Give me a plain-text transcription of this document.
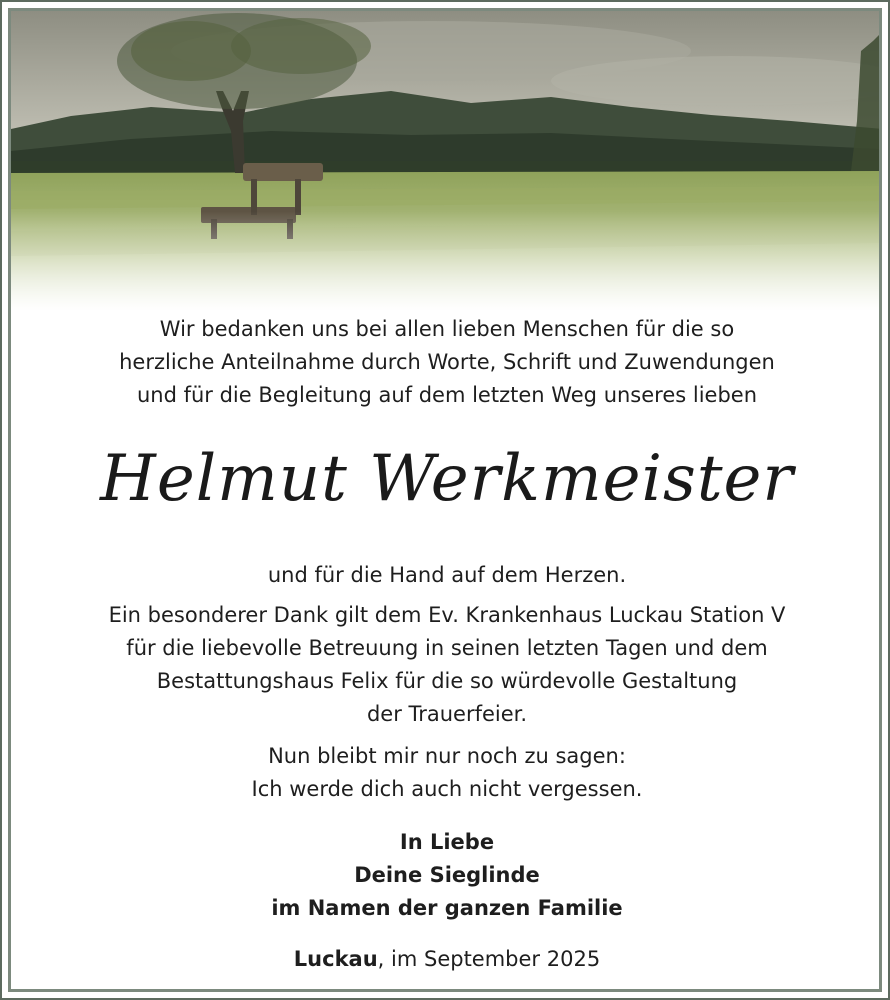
Wir bedanken uns bei allen lieben Menschen für die so
herzliche Anteilnahme durch Worte, Schrift und Zuwendungen
und für die Begleitung auf dem letzten Weg unseres lieben
Helmut Werkmeister
und für die Hand auf dem Herzen.
Ein besonderer Dank gilt dem Ev. Krankenhaus Luckau Station V
für die liebevolle Betreuung in seinen letzten Tagen und dem
Bestattungshaus Felix für die so würdevolle Gestaltung
der Trauerfeier.
Nun bleibt mir nur noch zu sagen:
Ich werde dich auch nicht vergessen.
In Liebe
Deine Sieglinde
im Namen der ganzen Familie
Luckau, im September 2025
